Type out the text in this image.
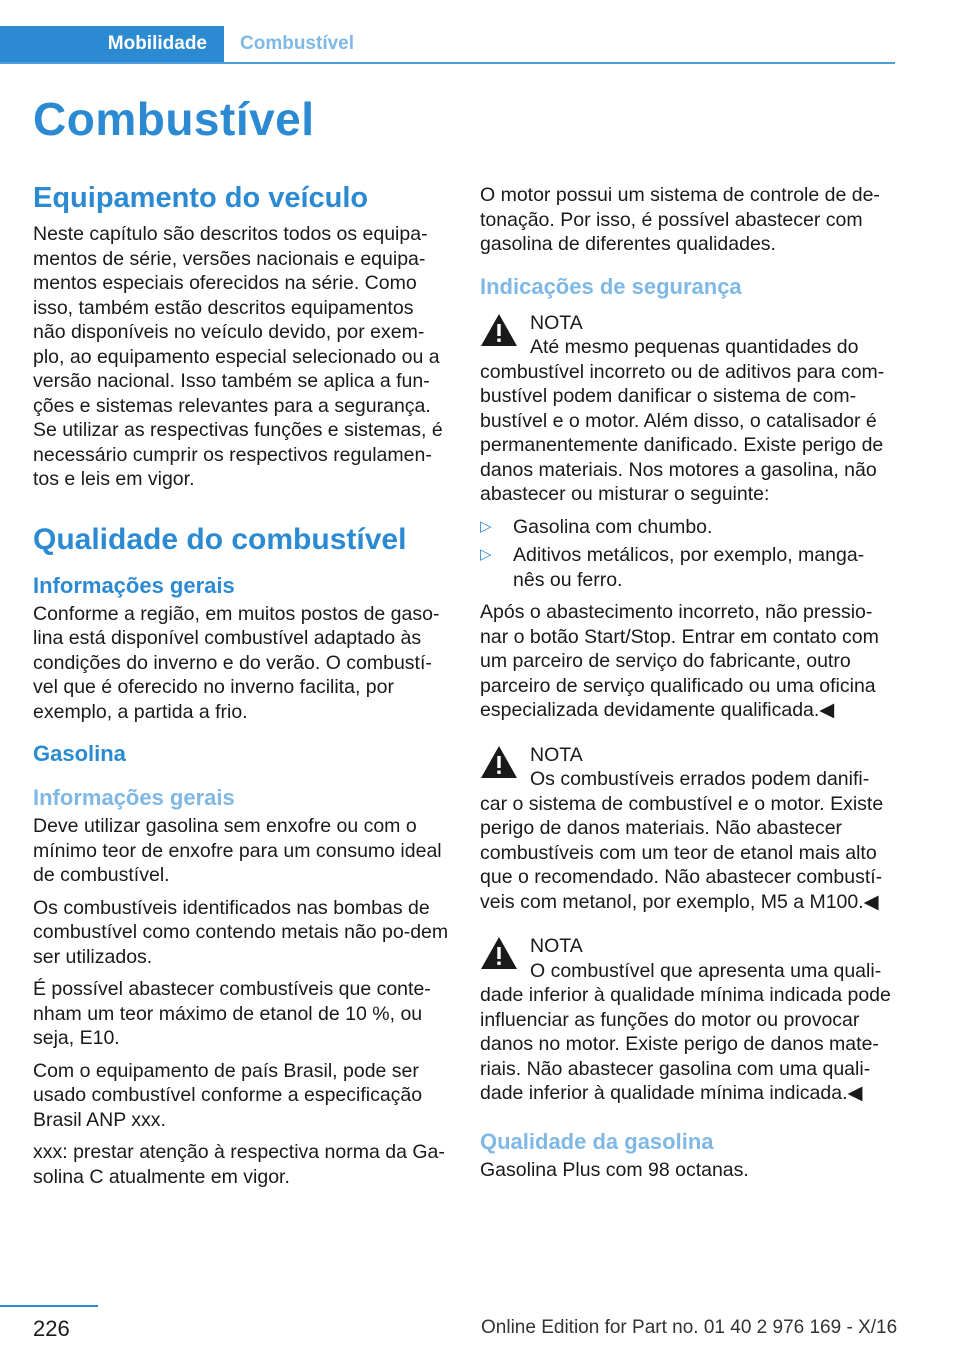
Mobilidade	Combustível
Combustível
Equipamento do veículo

Neste capítulo são descritos todos os equipa-mentos de série, versões nacionais e equipa-mentos especiais oferecidos na série. Como isso, também estão descritos equipamentos não disponíveis no veículo devido, por exem-plo, ao equipamento especial selecionado ou a versão nacional. Isso também se aplica a fun-ções e sistemas relevantes para a segurança. Se utilizar as respectivas funções e sistemas, é necessário cumprir os respectivos regulamen-tos e leis em vigor.

Qualidade do combustível
Informações gerais

Conforme a região, em muitos postos de gaso-lina está disponível combustível adaptado às condições do inverno e do verão. O combustí-vel que é oferecido no inverno facilita, por exemplo, a partida a frio.

Gasolina
Informações gerais

Deve utilizar gasolina sem enxofre ou com o mínimo teor de enxofre para um consumo ideal de combustível.

Os combustíveis identificados nas bombas de combustível como contendo metais não po-dem ser utilizados.

É possível abastecer combustíveis que conte-nham um teor máximo de etanol de 10 %, ou seja, E10.

Com o equipamento de país Brasil, pode ser usado combustível conforme a especificação Brasil ANP xxx.

xxx: prestar atenção à respectiva norma da Ga-solina C atualmente em vigor.

O motor possui um sistema de controle de de-tonação. Por isso, é possível abastecer com gasolina de diferentes qualidades.

Indicações de segurança
NOTA
Até mesmo pequenas quantidades do

combustível incorreto ou de aditivos para com-bustível podem danificar o sistema de com-bustível e o motor. Além disso, o catalisador é permanentemente danificado. Existe perigo de danos materiais. Nos motores a gasolina, não abastecer ou misturar o seguinte:

▷ Gasolina com chumbo.
▷ Aditivos metálicos, por exemplo, manga-nês ou ferro.

Após o abastecimento incorreto, não pressio-nar o botão Start/Stop. Entrar em contato com um parceiro de serviço do fabricante, outro parceiro de serviço qualificado ou uma oficina especializada devidamente qualificada.◀

NOTA
Os combustíveis errados podem danifi-

car o sistema de combustível e o motor. Existe perigo de danos materiais. Não abastecer combustíveis com um teor de etanol mais alto que o recomendado. Não abastecer combustí-veis com metanol, por exemplo, M5 a M100.◀

NOTA
O combustível que apresenta uma quali-

dade inferior à qualidade mínima indicada pode influenciar as funções do motor ou provocar danos no motor. Existe perigo de danos mate-riais. Não abastecer gasolina com uma quali-dade inferior à qualidade mínima indicada.◀

Qualidade da gasolina

Gasolina Plus com 98 octanas.

226	Online Edition for Part no. 01 40 2 976 169 - X/16
